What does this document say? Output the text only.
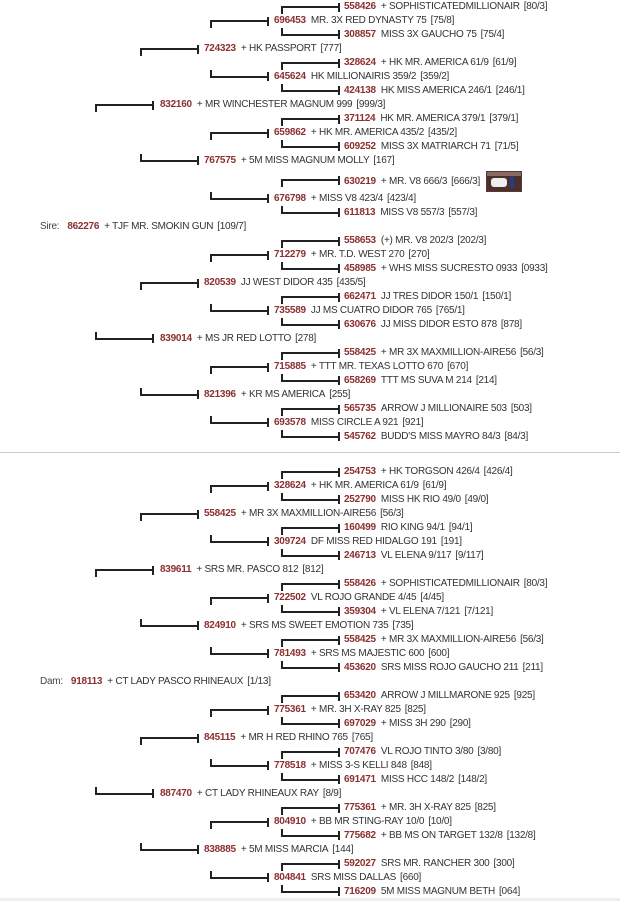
558426 + SOPHISTICATEDMILLIONAIR [80/3]
696453 MR. 3X RED DYNASTY 75 [75/8]
308857 MISS 3X GAUCHO 75 [75/4]
724323 + HK PASSPORT [777]
328624 + HK MR. AMERICA 61/9 [61/9]
645624 HK MILLIONAIRIS 359/2 [359/2]
424138 HK MISS AMERICA 246/1 [246/1]
832160 + MR WINCHESTER MAGNUM 999 [999/3]
371124 HK MR. AMERICA 379/1 [379/1]
659862 + HK MR. AMERICA 435/2 [435/2]
609252 MISS 3X MATRIARCH 71 [71/5]
767575 + 5M MISS MAGNUM MOLLY [167]
630219 + MR. V8 666/3 [666/3]
676798 + MISS V8 423/4 [423/4]
611813 MISS V8 557/3 [557/3]
Sire: 862276 + TJF MR. SMOKIN GUN [109/7]
558653 (+) MR. V8 202/3 [202/3]
712279 + MR. T.D. WEST 270 [270]
458985 + WHS MISS SUCRESTO 0933 [0933]
820539 JJ WEST DIDOR 435 [435/5]
662471 JJ TRES DIDOR 150/1 [150/1]
735589 JJ MS CUATRO DIDOR 765 [765/1]
630676 JJ MISS DIDOR ESTO 878 [878]
839014 + MS JR RED LOTTO [278]
558425 + MR 3X MAXMILLION-AIRE56 [56/3]
715885 + TTT MR. TEXAS LOTTO 670 [670]
658269 TTT MS SUVA M 214 [214]
821396 + KR MS AMERICA [255]
565735 ARROW J MILLIONAIRE 503 [503]
693578 MISS CIRCLE A 921 [921]
545762 BUDD'S MISS MAYRO 84/3 [84/3]
254753 + HK TORGSON 426/4 [426/4]
328624 + HK MR. AMERICA 61/9 [61/9]
252790 MISS HK RIO 49/0 [49/0]
558425 + MR 3X MAXMILLION-AIRE56 [56/3]
160499 RIO KING 94/1 [94/1]
309724 DF MISS RED HIDALGO 191 [191]
246713 VL ELENA 9/117 [9/117]
839611 + SRS MR. PASCO 812 [812]
558426 + SOPHISTICATEDMILLIONAIR [80/3]
722502 VL ROJO GRANDE 4/45 [4/45]
359304 + VL ELENA 7/121 [7/121]
824910 + SRS MS SWEET EMOTION 735 [735]
558425 + MR 3X MAXMILLION-AIRE56 [56/3]
781493 + SRS MS MAJESTIC 600 [600]
453620 SRS MISS ROJO GAUCHO 211 [211]
Dam: 918113 + CT LADY PASCO RHINEAUX [1/13]
653420 ARROW J MILLMARONE 925 [925]
775361 + MR. 3H X-RAY 825 [825]
697029 + MISS 3H 290 [290]
845115 + MR H RED RHINO 765 [765]
707476 VL ROJO TINTO 3/80 [3/80]
778518 + MISS 3-S KELLI 848 [848]
691471 MISS HCC 148/2 [148/2]
887470 + CT LADY RHINEAUX RAY [8/9]
775361 + MR. 3H X-RAY 825 [825]
804910 + BB MR STING-RAY 10/0 [10/0]
775682 + BB MS ON TARGET 132/8 [132/8]
838885 + 5M MISS MARCIA [144]
592027 SRS MR. RANCHER 300 [300]
804841 SRS MISS DALLAS [660]
716209 5M MISS MAGNUM BETH [064]
